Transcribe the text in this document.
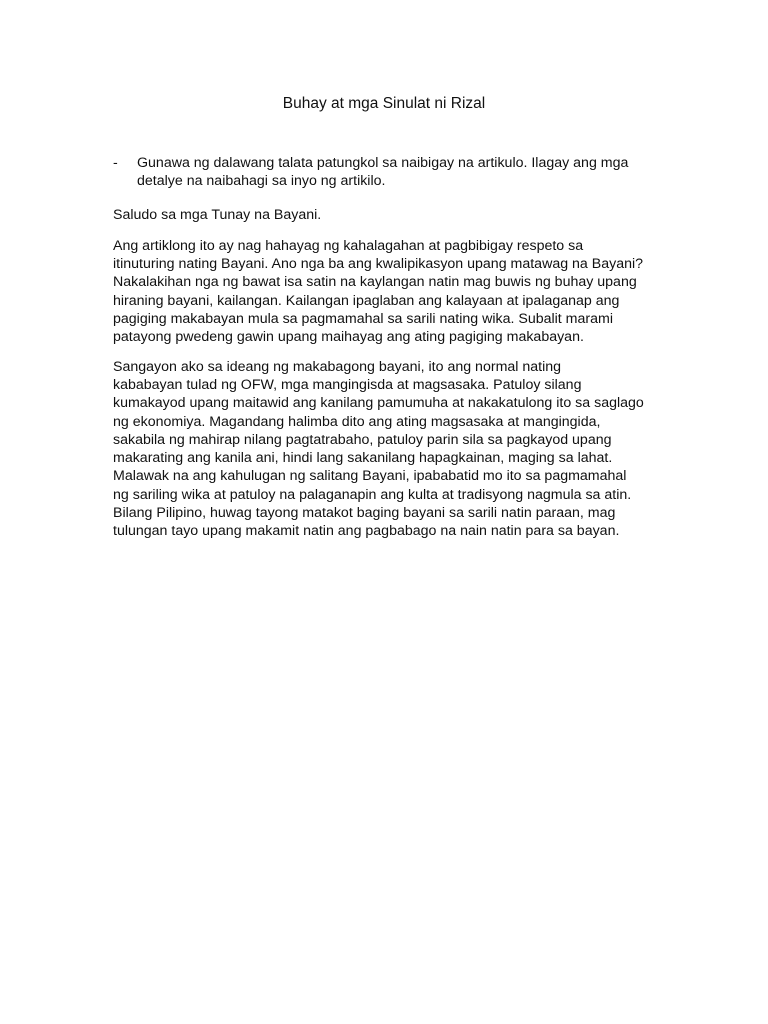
Buhay at mga Sinulat ni Rizal
-	Gunawa ng dalawang talata patungkol sa naibigay na artikulo. Ilagay ang mga
detalye na naibahagi sa inyo ng artikilo.
Saludo sa mga Tunay na Bayani.
Ang artiklong ito ay nag hahayag ng kahalagahan at pagbibigay respeto sa
itinuturing nating Bayani. Ano nga ba ang kwalipikasyon upang matawag na Bayani?
Nakalakihan nga ng bawat isa satin na kaylangan natin mag buwis ng buhay upang
hiraning bayani, kailangan. Kailangan ipaglaban ang kalayaan at ipalaganap ang
pagiging makabayan mula sa pagmamahal sa sarili nating wika. Subalit marami
patayong pwedeng gawin upang maihayag ang ating pagiging makabayan.
Sangayon ako sa ideang ng makabagong bayani, ito ang normal nating
kababayan tulad ng OFW, mga mangingisda at magsasaka. Patuloy silang
kumakayod upang maitawid ang kanilang pamumuha at nakakatulong ito sa saglago
ng ekonomiya. Magandang halimba dito ang ating magsasaka at mangingida,
sakabila ng mahirap nilang pagtatrabaho, patuloy parin sila sa pagkayod upang
makarating ang kanila ani, hindi lang sakanilang hapagkainan, maging sa lahat.
Malawak na ang kahulugan ng salitang Bayani, ipababatid mo ito sa pagmamahal
ng sariling wika at patuloy na palaganapin ang kulta at tradisyong nagmula sa atin.
Bilang Pilipino, huwag tayong matakot baging bayani sa sarili natin paraan, mag
tulungan tayo upang makamit natin ang pagbabago na nain natin para sa bayan.
